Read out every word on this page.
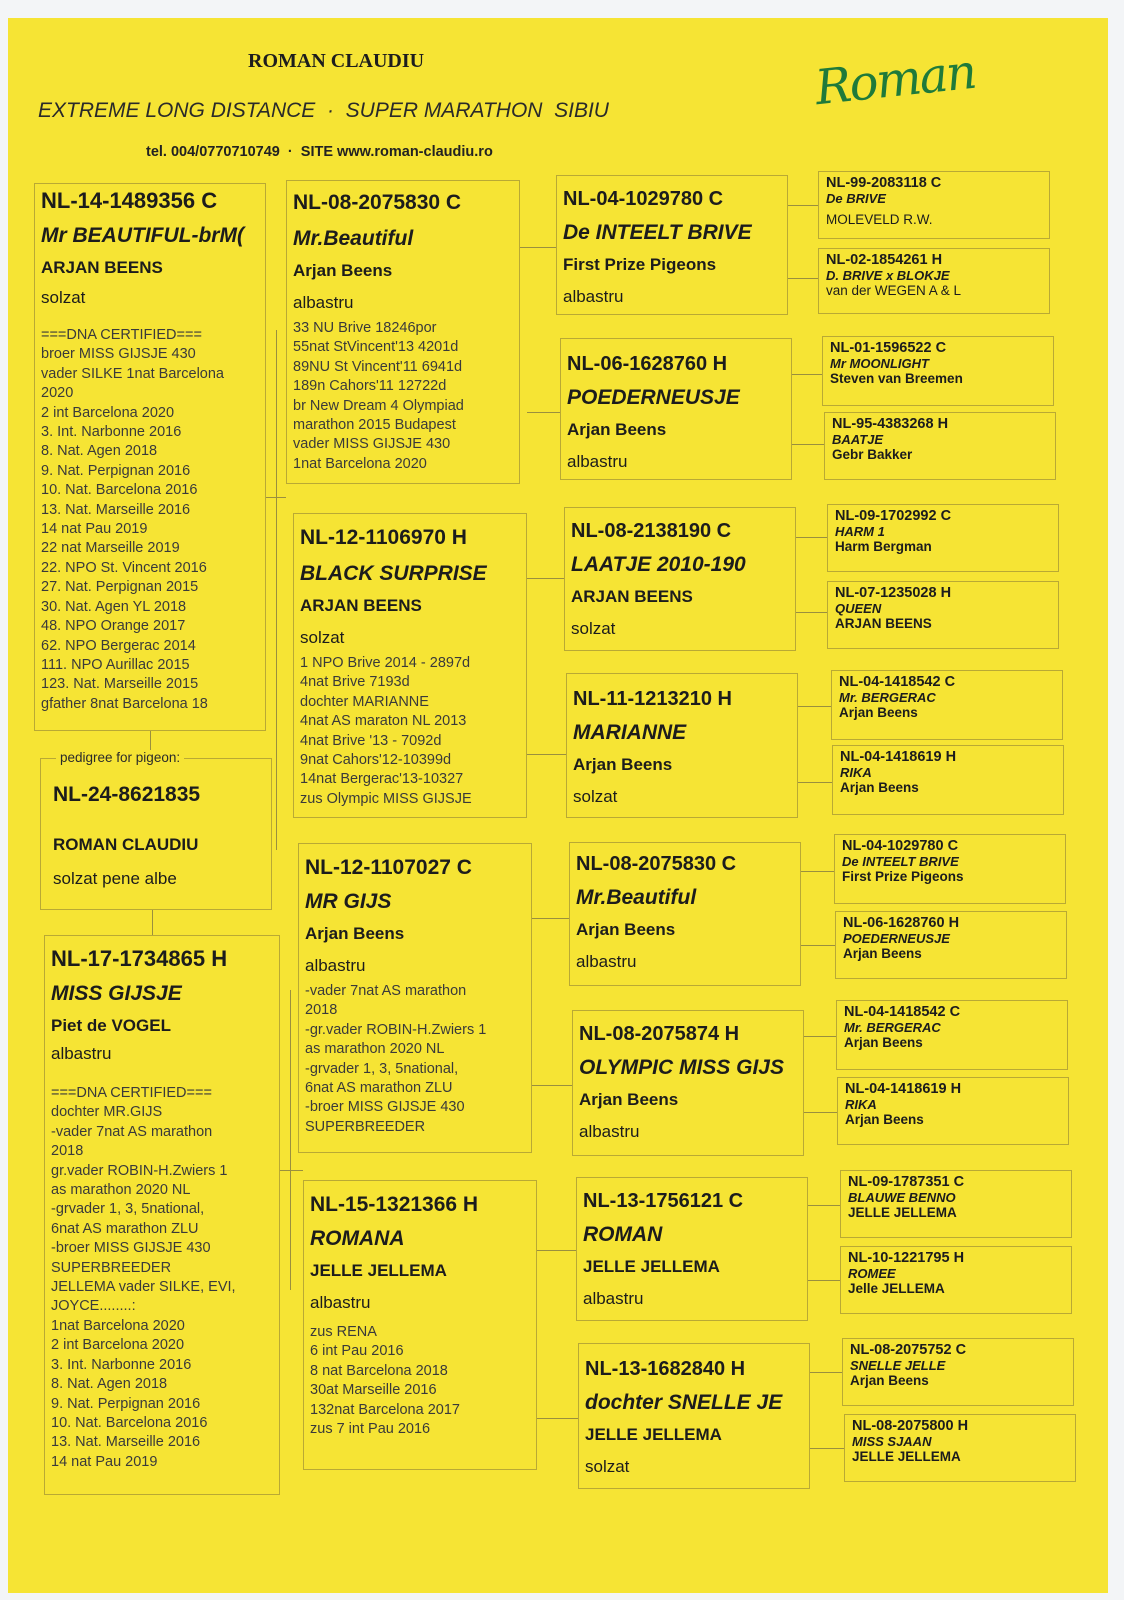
ROMAN CLAUDIU
EXTREME LONG DISTANCE  ·  SUPER MARATHON  SIBIU
tel. 004/0770710749  ·  SITE www.roman-claudiu.ro
Roman
NL-14-1489356 C
Mr BEAUTIFUL-brM(
ARJAN BEENS
solzat
===DNA CERTIFIED===
broer MISS GIJSJE 430
vader SILKE 1nat Barcelona
2020
2 int Barcelona 2020
3. Int. Narbonne 2016
8. Nat. Agen 2018
9. Nat. Perpignan 2016
10. Nat. Barcelona 2016
13. Nat. Marseille 2016
14 nat Pau 2019
22 nat Marseille 2019
22. NPO St. Vincent 2016
27. Nat. Perpignan 2015
30. Nat. Agen YL 2018
48. NPO Orange 2017
62. NPO Bergerac 2014
111. NPO Aurillac 2015
123. Nat. Marseille 2015
gfather 8nat Barcelona 18
pedigree for pigeon:
NL-24-8621835
ROMAN CLAUDIU
solzat pene albe
NL-17-1734865 H
MISS GIJSJE
Piet de VOGEL
albastru
===DNA CERTIFIED===
dochter MR.GIJS
-vader 7nat AS marathon
2018
gr.vader ROBIN-H.Zwiers 1
as marathon 2020 NL
-grvader 1, 3, 5national,
6nat AS marathon ZLU
-broer MISS GIJSJE 430
SUPERBREEDER
JELLEMA vader SILKE, EVI,
JOYCE........:
1nat Barcelona 2020
2 int Barcelona 2020
3. Int. Narbonne 2016
8. Nat. Agen 2018
9. Nat. Perpignan 2016
10. Nat. Barcelona 2016
13. Nat. Marseille 2016
14 nat Pau 2019
NL-08-2075830 C
Mr.Beautiful
Arjan Beens
albastru
33 NU Brive 18246por
55nat StVincent'13 4201d
89NU St Vincent'11 6941d
189n Cahors'11 12722d
br New Dream 4 Olympiad
marathon 2015 Budapest
vader MISS GIJSJE 430
1nat Barcelona 2020
NL-12-1106970 H
BLACK SURPRISE
ARJAN BEENS
solzat
1 NPO Brive 2014 - 2897d
4nat Brive 7193d
dochter MARIANNE
4nat AS maraton NL 2013
4nat Brive '13 - 7092d
9nat Cahors'12-10399d
14nat Bergerac'13-10327
zus Olympic MISS GIJSJE
NL-12-1107027 C
MR GIJS
Arjan Beens
albastru
-vader 7nat AS marathon
2018
-gr.vader ROBIN-H.Zwiers 1
as marathon 2020 NL
-grvader 1, 3, 5national,
6nat AS marathon ZLU
-broer MISS GIJSJE 430
SUPERBREEDER
NL-15-1321366 H
ROMANA
JELLE JELLEMA
albastru
zus RENA
6 int Pau 2016
8 nat Barcelona 2018
30at Marseille 2016
132nat Barcelona 2017
zus 7 int Pau 2016
NL-04-1029780 C
De INTEELT BRIVE
First Prize Pigeons
albastru
NL-06-1628760 H
POEDERNEUSJE
Arjan Beens
albastru
NL-08-2138190 C
LAATJE 2010-190
ARJAN BEENS
solzat
NL-11-1213210 H
MARIANNE
Arjan Beens
solzat
NL-08-2075830 C
Mr.Beautiful
Arjan Beens
albastru
NL-08-2075874 H
OLYMPIC MISS GIJS
Arjan Beens
albastru
NL-13-1756121 C
ROMAN
JELLE JELLEMA
albastru
NL-13-1682840 H
dochter SNELLE JE
JELLE JELLEMA
solzat
NL-99-2083118 C
De BRIVE
MOLEVELD R.W.
NL-02-1854261 H
D. BRIVE x BLOKJE
van der WEGEN A & L
NL-01-1596522 C
Mr MOONLIGHT
Steven van Breemen
NL-95-4383268 H
BAATJE
Gebr Bakker
NL-09-1702992 C
HARM 1
Harm Bergman
NL-07-1235028 H
QUEEN
ARJAN BEENS
NL-04-1418542 C
Mr. BERGERAC
Arjan Beens
NL-04-1418619 H
RIKA
Arjan Beens
NL-04-1029780 C
De INTEELT BRIVE
First Prize Pigeons
NL-06-1628760 H
POEDERNEUSJE
Arjan Beens
NL-04-1418542 C
Mr. BERGERAC
Arjan Beens
NL-04-1418619 H
RIKA
Arjan Beens
NL-09-1787351 C
BLAUWE BENNO
JELLE JELLEMA
NL-10-1221795 H
ROMEE
Jelle JELLEMA
NL-08-2075752 C
SNELLE JELLE
Arjan Beens
NL-08-2075800 H
MISS SJAAN
JELLE JELLEMA
